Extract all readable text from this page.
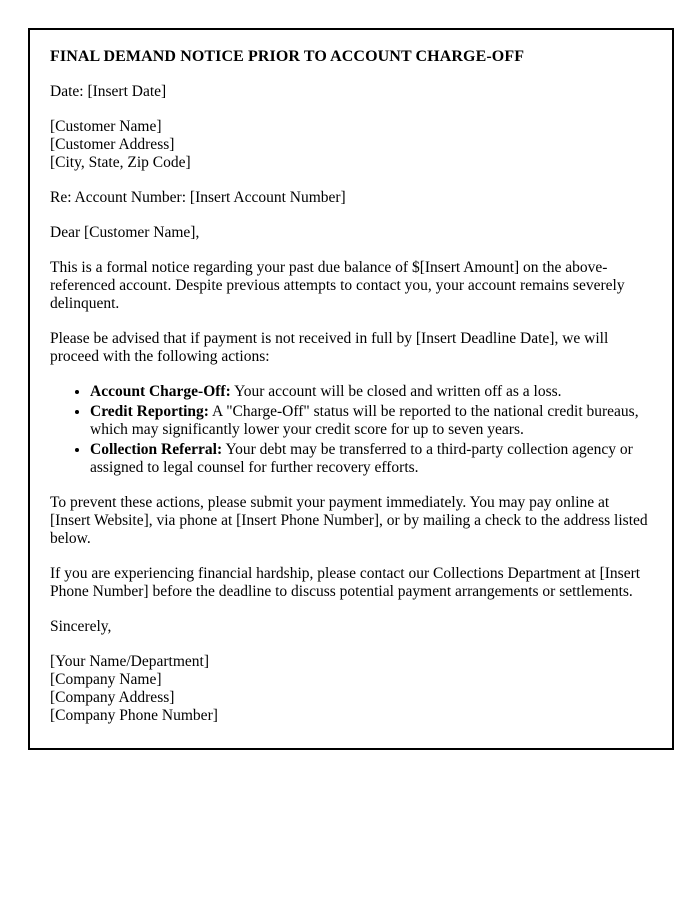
FINAL DEMAND NOTICE PRIOR TO ACCOUNT CHARGE-OFF
Date: [Insert Date]
[Customer Name]
[Customer Address]
[City, State, Zip Code]
Re: Account Number: [Insert Account Number]
Dear [Customer Name],
This is a formal notice regarding your past due balance of $[Insert Amount] on the above-referenced account. Despite previous attempts to contact you, your account remains severely delinquent.
Please be advised that if payment is not received in full by [Insert Deadline Date], we will proceed with the following actions:
• Account Charge-Off: Your account will be closed and written off as a loss.
• Credit Reporting: A "Charge-Off" status will be reported to the national credit bureaus, which may significantly lower your credit score for up to seven years.
• Collection Referral: Your debt may be transferred to a third-party collection agency or assigned to legal counsel for further recovery efforts.
To prevent these actions, please submit your payment immediately. You may pay online at [Insert Website], via phone at [Insert Phone Number], or by mailing a check to the address listed below.
If you are experiencing financial hardship, please contact our Collections Department at [Insert Phone Number] before the deadline to discuss potential payment arrangements or settlements.
Sincerely,
[Your Name/Department]
[Company Name]
[Company Address]
[Company Phone Number]
